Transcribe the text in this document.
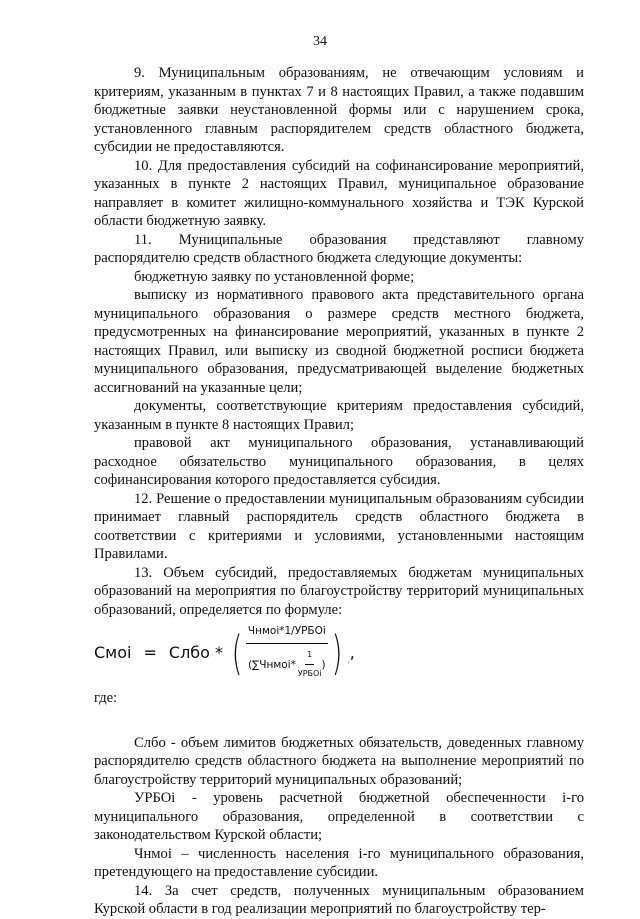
34

9. Муниципальным образованиям, не отвечающим условиям и критериям, указанным в пунктах 7 и 8 настоящих Правил, а также подавшим бюджетные заявки неустановленной формы или с нарушением срока, установленного главным распорядителем средств областного бюджета, субсидии не предоставляются.

10. Для предоставления субсидий на софинансирование мероприятий, указанных в пункте 2 настоящих Правил, муниципальное образование направляет в комитет жилищно-коммунального хозяйства и ТЭК Курской области бюджетную заявку.

11. Муниципальные образования представляют главному распорядителю средств областного бюджета следующие документы:

бюджетную заявку по установленной форме;

выписку из нормативного правового акта представительного органа муниципального образования о размере средств местного бюджета, предусмотренных на финансирование мероприятий, указанных в пункте 2 настоящих Правил, или выписку из сводной бюджетной росписи бюджета муниципального образования, предусматривающей выделение бюджетных ассигнований на указанные цели;

документы, соответствующие критериям предоставления субсидий, указанным в пункте 8 настоящих Правил;

правовой акт муниципального образования, устанавливающий расходное обязательство муниципального образования, в целях софинансирования которого предоставляется субсидия.

12. Решение о предоставлении муниципальным образованиям субсидии принимает главный распорядитель средств областного бюджета в соответствии с критериями и условиями, установленными настоящим Правилами.

13. Объем субсидий, предоставляемых бюджетам муниципальных образований на мероприятия по благоустройству территорий муниципальных образований, определяется по формуле:

Смоi = Слбо * ( Чнмоi*1/УРБОi
(∑Чнмоi* $\frac{1}{\text{УРБОi}}$ ) ) ,

где:

Слбо - объем лимитов бюджетных обязательств, доведенных главному распорядителю средств областного бюджета на выполнение мероприятий по благоустройству территорий муниципальных образований;

УРБОi - уровень расчетной бюджетной обеспеченности i-го муниципального образования, определенной в соответствии с законодательством Курской области;

Чнмоi – численность населения i-го муниципального образования, претендующего на предоставление субсидии.

14. За счет средств, полученных муниципальным образованием Курской области в год реализации мероприятий по благоустройству тер-

'
